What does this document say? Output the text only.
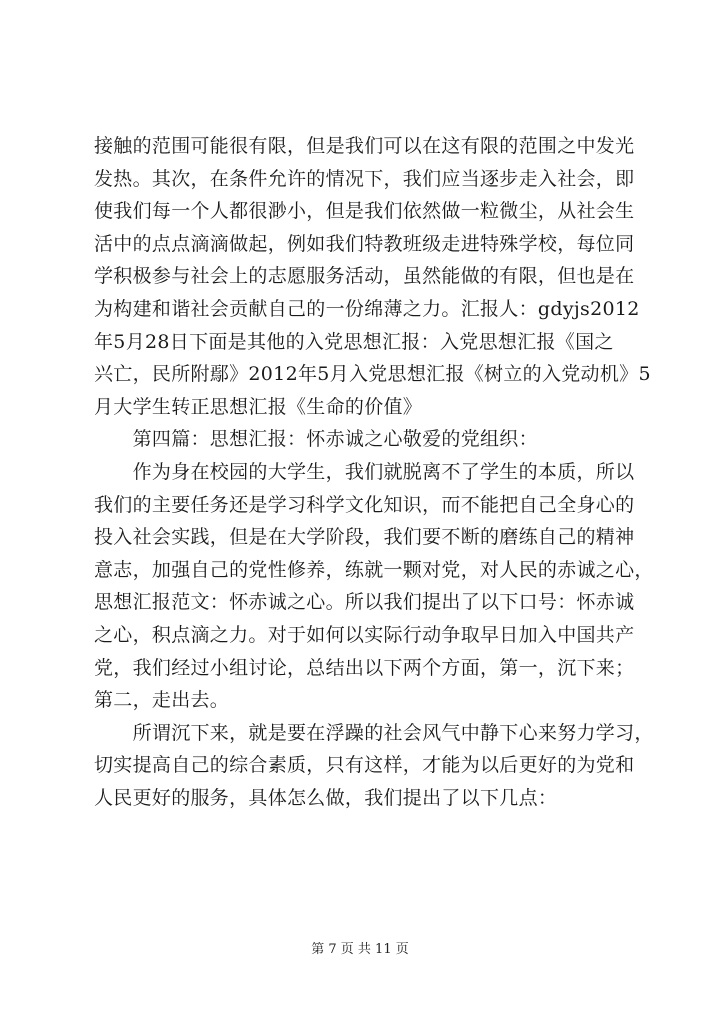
接触的范围可能很有限，但是我们可以在这有限的范围之中发光
发热。其次，在条件允许的情况下，我们应当逐步走入社会，即
使我们每一个人都很渺小，但是我们依然做一粒微尘，从社会生
活中的点点滴滴做起，例如我们特教班级走进特殊学校，每位同
学积极参与社会上的志愿服务活动，虽然能做的有限，但也是在
为构建和谐社会贡献自己的一份绵薄之力。汇报人：gdyjs2012
年5月28日下面是其他的入党思想汇报：入党思想汇报《国之
兴亡，民所附鄢》2012年5月入党思想汇报《树立的入党动机》5
月大学生转正思想汇报《生命的价值》
　　第四篇：思想汇报：怀赤诚之心敬爱的党组织：
　　作为身在校园的大学生，我们就脱离不了学生的本质，所以
我们的主要任务还是学习科学文化知识，而不能把自己全身心的
投入社会实践，但是在大学阶段，我们要不断的磨练自己的精神
意志，加强自己的党性修养，练就一颗对党，对人民的赤诚之心，
思想汇报范文：怀赤诚之心。所以我们提出了以下口号：怀赤诚
之心，积点滴之力。对于如何以实际行动争取早日加入中国共产
党，我们经过小组讨论，总结出以下两个方面，第一，沉下来；
第二，走出去。
　　所谓沉下来，就是要在浮躁的社会风气中静下心来努力学习，
切实提高自己的综合素质，只有这样，才能为以后更好的为党和
人民更好的服务，具体怎么做，我们提出了以下几点：
第 7 页 共 11 页
